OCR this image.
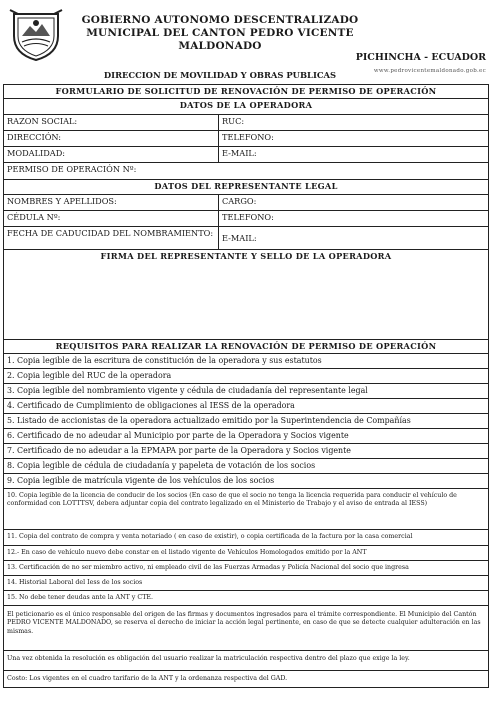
GOBIERNO AUTONOMO DESCENTRALIZADO
MUNICIPAL DEL CANTON PEDRO VICENTE
MALDONADO
DIRECCION DE MOVILIDAD Y OBRAS PUBLICAS
PICHINCHA - ECUADOR
www.pedrovicentemaldonado.gob.ec
FORMULARIO DE SOLICITUD DE RENOVACIÓN DE PERMISO DE OPERACIÓN
DATOS DE LA OPERADORA
RAZON SOCIAL:	RUC:
DIRECCIÓN:	TELEFONO:
MODALIDAD:	E-MAIL:
PERMISO DE OPERACIÓN Nº:
DATOS DEL REPRESENTANTE LEGAL
NOMBRES Y APELLIDOS:	CARGO:
CÉDULA Nº:	TELEFONO:
FECHA DE CADUCIDAD DEL NOMBRAMIENTO:	E-MAIL:
FIRMA DEL REPRESENTANTE Y SELLO DE LA OPERADORA
REQUISITOS PARA REALIZAR LA RENOVACIÓN DE PERMISO DE OPERACIÓN
1. Copia legible de la escritura de constitución de la operadora y sus estatutos
2. Copia legible del RUC de la operadora
3. Copia legible del nombramiento vigente y cédula de ciudadanía del representante legal
4. Certificado de Cumplimiento de obligaciones al IESS de la operadora
5. Listado de accionistas de la operadora actualizado emitido por la Superintendencia de Compañías
6. Certificado de no adeudar al Municipio por parte de la Operadora y Socios vigente
7. Certificado de no adeudar a la EPMAPA por parte de la Operadora y Socios vigente
8. Copia legible de cédula de ciudadanía y papeleta de votación de los socios
9. Copia legible de matrícula vigente de los vehículos de los socios
10. Copia legible de la licencia de conducir de los socios (En caso de que el socio no tenga la licencia requerida para conducir el vehículo de conformidad con LOTTTSV, debera adjuntar copia del contrato legalizado en el Ministerio de Trabajo y el aviso de entrada al IESS)
11. Copia del contrato de compra y venta notariado ( en caso de existir), o copia certificada de la factura por la casa comercial
12.- En caso de vehículo nuevo debe constar en el listado vigente de Vehículos Homologados emitido por la ANT
13. Certificación de no ser miembro activo, ni empleado civil de las Fuerzas Armadas y Policía Nacional del socio que ingresa
14. Historial Laboral del Iess de los socios
15. No debe tener deudas ante la ANT y CTE.
El peticionario es el único responsable del origen de las firmas y documentos ingresados para el trámite correspondiente. El Municipio del Cantón PEDRO VICENTE MALDONADO, se reserva el derecho de iniciar la acción legal pertinente, en caso de que se detecte cualquier adulteración en las mismas.
Una vez obtenida la resolución es obligación del usuario realizar la matriculación respectiva dentro del plazo que exige la ley.
Costo: Los vigentes en el cuadro tarifario de la ANT y la ordenanza respectiva del GAD.
